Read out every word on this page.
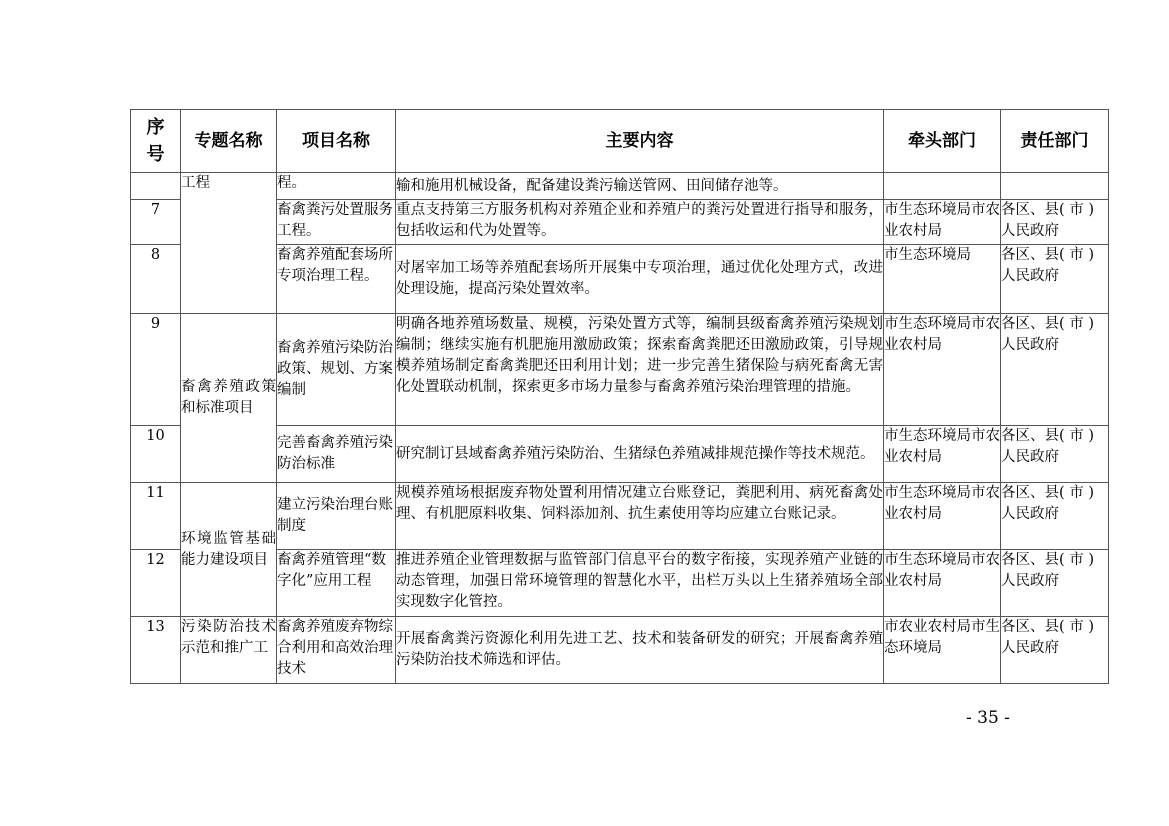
序号	专题名称	项目名称	主要内容	牵头部门	责任部门

	工程	程。	输和施用机械设备，配备建设粪污输送管网、田间储存池等。		
7		畜禽粪污处置服务工程。	重点支持第三方服务机构对养殖企业和养殖户的粪污处置进行指导和服务，包括收运和代为处置等。	市生态环境局市农业农村局	各区、县( 市 ) 人民政府
8		畜禽养殖配套场所专项治理工程。	对屠宰加工场等养殖配套场所开展集中专项治理，通过优化处理方式，改进处理设施，提高污染处置效率。	市生态环境局	各区、县( 市 ) 人民政府
9	畜禽养殖政策和标准项目	畜禽养殖污染防治政策、规划、方案编制	明确各地养殖场数量、规模，污染处置方式等，编制县级畜禽养殖污染规划编制；继续实施有机肥施用激励政策；探索畜禽粪肥还田激励政策，引导规模养殖场制定畜禽粪肥还田利用计划；进一步完善生猪保险与病死畜禽无害化处置联动机制，探索更多市场力量参与畜禽养殖污染治理管理的措施。	市生态环境局市农业农村局	各区、县( 市 ) 人民政府
10		完善畜禽养殖污染防治标准	研究制订县域畜禽养殖污染防治、生猪绿色养殖减排规范操作等技术规范。	市生态环境局市农业农村局	各区、县( 市 ) 人民政府
11	环境监管基础能力建设项目	建立污染治理台账制度	规模养殖场根据废弃物处置利用情况建立台账登记，粪肥利用、病死畜禽处理、有机肥原料收集、饲料添加剂、抗生素使用等均应建立台账记录。	市生态环境局市农业农村局	各区、县( 市 ) 人民政府
12		畜禽养殖管理“数字化”应用工程	推进养殖企业管理数据与监管部门信息平台的数字衔接，实现养殖产业链的动态管理，加强日常环境管理的智慧化水平，出栏万头以上生猪养殖场全部实现数字化管控。	市生态环境局市农业农村局	各区、县( 市 ) 人民政府
13	污染防治技术示范和推广工	畜禽养殖废弃物综合利用和高效治理技术	开展畜禽粪污资源化利用先进工艺、技术和装备研发的研究；开展畜禽养殖污染防治技术筛选和评估。	市农业农村局市生态环境局	各区、县( 市 ) 人民政府
- 35 -
